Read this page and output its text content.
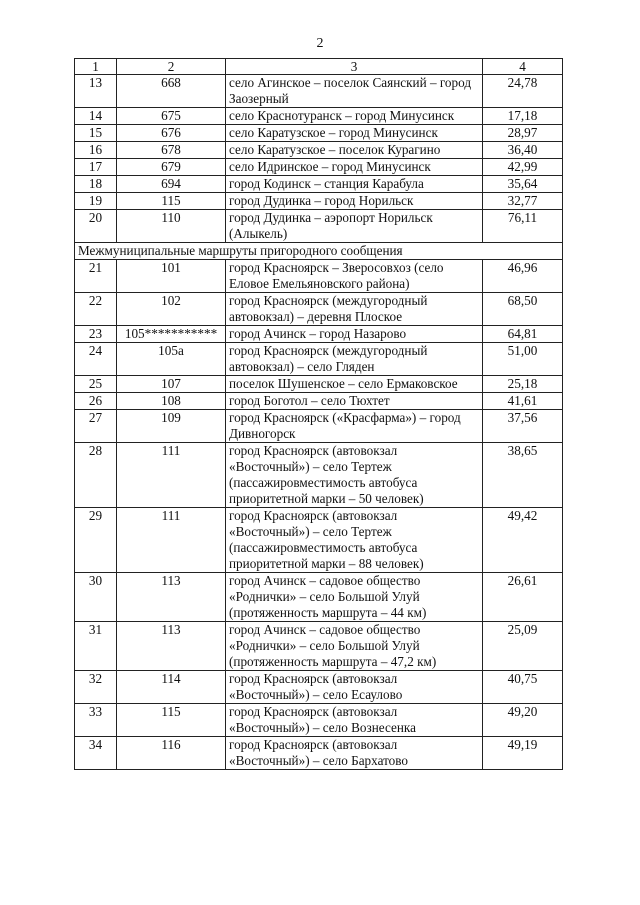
2
1	2	3	4
13	668	село Агинское – поселок Саянский – город Заозерный	24,78
14	675	село Краснотуранск – город Минусинск	17,18
15	676	село Каратузское – город Минусинск	28,97
16	678	село Каратузское – поселок Курагино	36,40
17	679	село Идринское – город Минусинск	42,99
18	694	город Кодинск – станция Карабула	35,64
19	115	город Дудинка – город Норильск	32,77
20	110	город Дудинка – аэропорт Норильск (Алыкель)	76,11
Межмуниципальные маршруты пригородного сообщения			
21	101	город Красноярск – Зверосовхоз (село Еловое Емельяновского района)	46,96
22	102	город Красноярск (междугородный автовокзал) – деревня Плоское	68,50
23	105***********	город Ачинск – город Назарово	64,81
24	105а	город Красноярск (междугородный автовокзал) – село Гляден	51,00
25	107	поселок Шушенское – село Ермаковское	25,18
26	108	город Боготол – село Тюхтет	41,61
27	109	город Красноярск («Красфарма») – город Дивногорск	37,56
28	111	город Красноярск (автовокзал «Восточный») – село Тертеж (пассажировместимость автобуса приоритетной марки – 50 человек)	38,65
29	111	город Красноярск (автовокзал «Восточный») – село Тертеж (пассажировместимость автобуса приоритетной марки – 88 человек)	49,42
30	113	город Ачинск – садовое общество «Роднички» – село Большой Улуй (протяженность маршрута – 44 км)	26,61
31	113	город Ачинск – садовое общество «Роднички» – село Большой Улуй (протяженность маршрута – 47,2 км)	25,09
32	114	город Красноярск (автовокзал «Восточный») – село Есаулово	40,75
33	115	город Красноярск (автовокзал «Восточный») – село Вознесенка	49,20
34	116	город Красноярск (автовокзал «Восточный») – село Бархатово	49,19
